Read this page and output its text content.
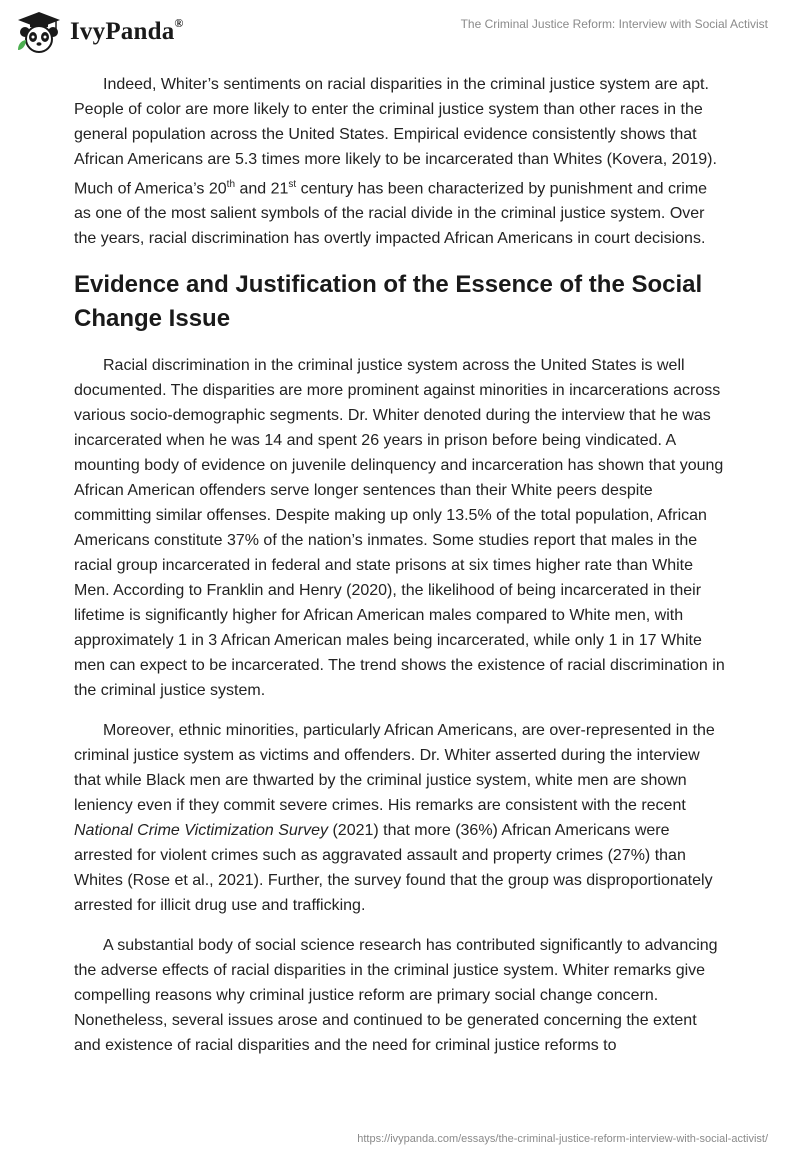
IvyPanda®	The Criminal Justice Reform: Interview with Social Activist

Indeed, Whiter’s sentiments on racial disparities in the criminal justice system are apt. People of color are more likely to enter the criminal justice system than other races in the general population across the United States. Empirical evidence consistently shows that African Americans are 5.3 times more likely to be incarcerated than Whites (Kovera, 2019). Much of America’s 20th and 21st century has been characterized by punishment and crime as one of the most salient symbols of the racial divide in the criminal justice system. Over the years, racial discrimination has overtly impacted African Americans in court decisions.

Evidence and Justification of the Essence of the Social Change Issue

Racial discrimination in the criminal justice system across the United States is well documented. The disparities are more prominent against minorities in incarcerations across various socio-demographic segments. Dr. Whiter denoted during the interview that he was incarcerated when he was 14 and spent 26 years in prison before being vindicated. A mounting body of evidence on juvenile delinquency and incarceration has shown that young African American offenders serve longer sentences than their White peers despite committing similar offenses. Despite making up only 13.5% of the total population, African Americans constitute 37% of the nation’s inmates. Some studies report that males in the racial group incarcerated in federal and state prisons at six times higher rate than White Men. According to Franklin and Henry (2020), the likelihood of being incarcerated in their lifetime is significantly higher for African American males compared to White men, with approximately 1 in 3 African American males being incarcerated, while only 1 in 17 White men can expect to be incarcerated. The trend shows the existence of racial discrimination in the criminal justice system.

Moreover, ethnic minorities, particularly African Americans, are over-represented in the criminal justice system as victims and offenders. Dr. Whiter asserted during the interview that while Black men are thwarted by the criminal justice system, white men are shown leniency even if they commit severe crimes. His remarks are consistent with the recent National Crime Victimization Survey (2021) that more (36%) African Americans were arrested for violent crimes such as aggravated assault and property crimes (27%) than Whites (Rose et al., 2021). Further, the survey found that the group was disproportionately arrested for illicit drug use and trafficking.

A substantial body of social science research has contributed significantly to advancing the adverse effects of racial disparities in the criminal justice system. Whiter remarks give compelling reasons why criminal justice reform are primary social change concern. Nonetheless, several issues arose and continued to be generated concerning the extent and existence of racial disparities and the need for criminal justice reforms to

https://ivypanda.com/essays/the-criminal-justice-reform-interview-with-social-activist/
